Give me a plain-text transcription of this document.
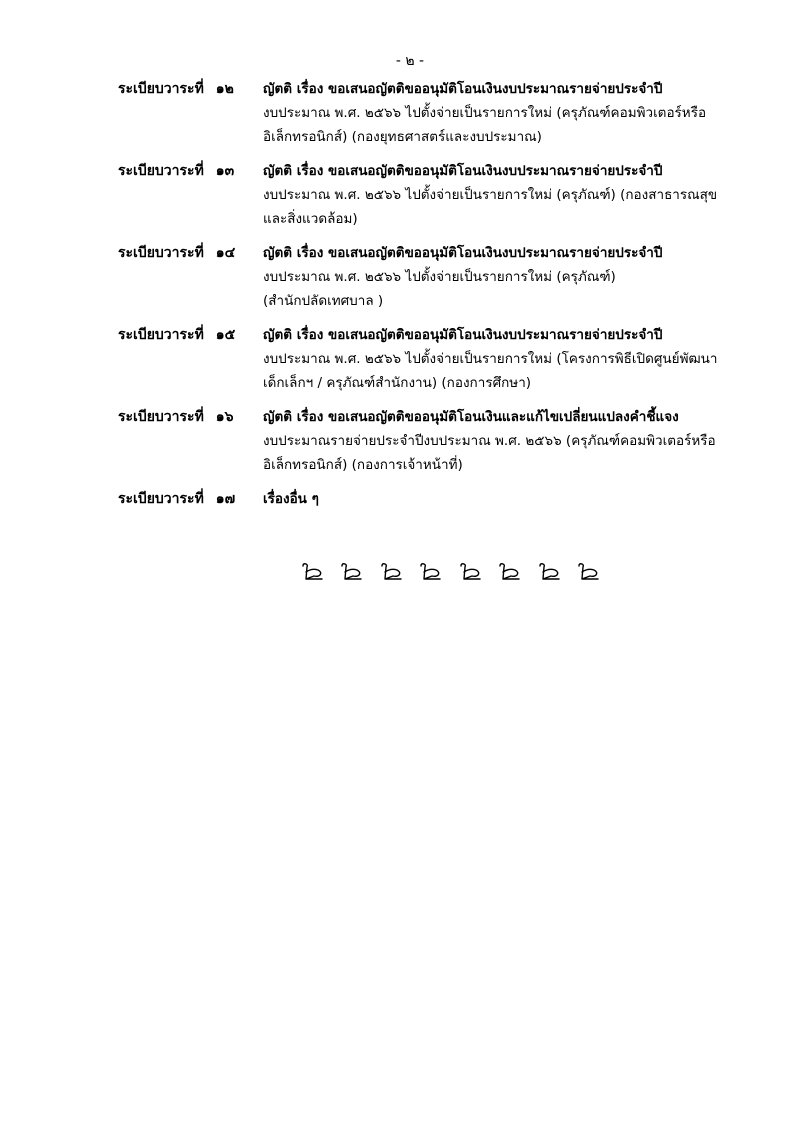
- ๒ -
ระเบียบวาระที่ ๑๒	ญัตติ เรื่อง ขอเสนอญัตติขออนุมัติโอนเงินงบประมาณรายจ่ายประจำปี
งบประมาณ พ.ศ. ๒๕๖๖ ไปตั้งจ่ายเป็นรายการใหม่ (ครุภัณฑ์คอมพิวเตอร์หรือ
อิเล็กทรอนิกส์) (กองยุทธศาสตร์และงบประมาณ)
ระเบียบวาระที่ ๑๓	ญัตติ เรื่อง ขอเสนอญัตติขออนุมัติโอนเงินงบประมาณรายจ่ายประจำปี
งบประมาณ พ.ศ. ๒๕๖๖ ไปตั้งจ่ายเป็นรายการใหม่ (ครุภัณฑ์) (กองสาธารณสุข
และสิ่งแวดล้อม)
ระเบียบวาระที่ ๑๔	ญัตติ เรื่อง ขอเสนอญัตติขออนุมัติโอนเงินงบประมาณรายจ่ายประจำปี
งบประมาณ พ.ศ. ๒๕๖๖ ไปตั้งจ่ายเป็นรายการใหม่ (ครุภัณฑ์)
(สำนักปลัดเทศบาล )
ระเบียบวาระที่ ๑๕	ญัตติ เรื่อง ขอเสนอญัตติขออนุมัติโอนเงินงบประมาณรายจ่ายประจำปี
งบประมาณ พ.ศ. ๒๕๖๖ ไปตั้งจ่ายเป็นรายการใหม่ (โครงการพิธีเปิดศูนย์พัฒนา
เด็กเล็กฯ / ครุภัณฑ์สำนักงาน) (กองการศึกษา)
ระเบียบวาระที่ ๑๖	ญัตติ เรื่อง ขอเสนอญัตติขออนุมัติโอนเงินและแก้ไขเปลี่ยนแปลงคำชี้แจง
งบประมาณรายจ่ายประจำปีงบประมาณ พ.ศ. ๒๕๖๖ (ครุภัณฑ์คอมพิวเตอร์หรือ
อิเล็กทรอนิกส์) (กองการเจ้าหน้าที่)
ระเบียบวาระที่ ๑๗	เรื่องอื่น ๆ
